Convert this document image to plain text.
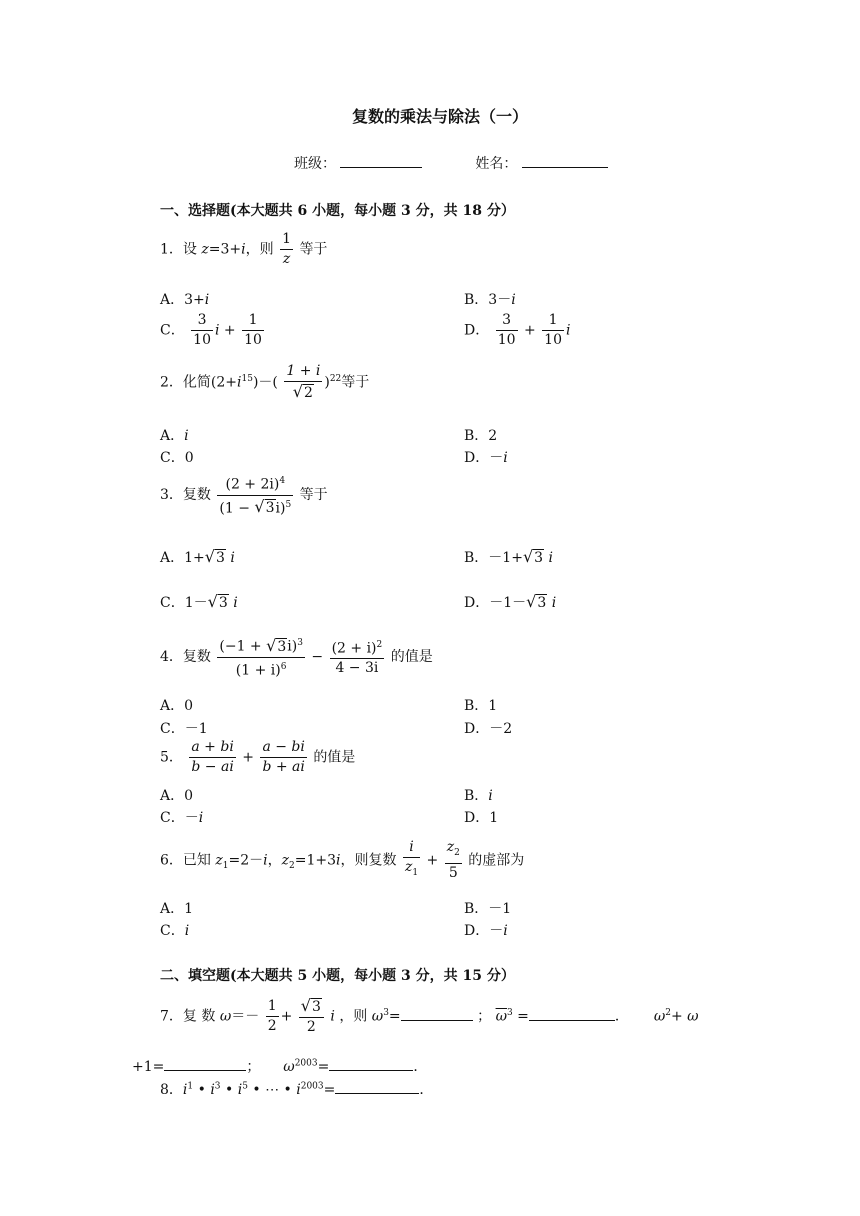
复数的乘法与除法（一）
班级：	姓名：
一、选择题(本大题共 6 小题，每小题 3 分，共 18 分）
1．设 z=3+i，则 $\frac{1}{z}$ 等于
A．3+i	B．3－i
C． $\frac{3}{10}$ $i + \frac{1}{10}$	D． $\frac{3}{10} + \frac{1}{10}$ i
2．化简$(2+i^{15})-( \frac{1 + i}{√2} )^{22}$等于
A．i	B．2
C．0	D．－i
3．复数 $\frac{(2 + 2i)^4}{(1 - √3i)^5}$ 等于
A．1+√3 i	B．－1+√3 i
C．1－√3 i	D．－1－√3 i
4．复数 $\frac{(-1 + √3i)^3}{(1 + i)^6} - \frac{(2 + i)^2}{4 - 3i}$ 的值是
A．0	B．1
C．－1	D．－2
5． $\frac{a + bi}{b - ai} + \frac{a - bi}{b + ai}$ 的值是
A．0	B．i
C．－i	D．1
6．已知 $z_1=2-i$，$z_2=1+3i$，则复数 $\frac{i}{z_1} + \frac{z_2}{5}$ 的虚部为
A．1	B．－1
C．i	D．－i
二、填空题(本大题共 5 小题，每小题 3 分，共 15 分）
7．复 数 $\omega=- \frac{1}{2} + \frac{√3}{2}$ i ，则 $\omega^3=$	； $\overline{\omega}^3$ =	． $\omega^2+ \omega$
+1=	； $\omega^{2003}=$	．
8．$i^1$ • $i^3$ • $i^5$ • ⋯ • $i^{2003}=$	．
